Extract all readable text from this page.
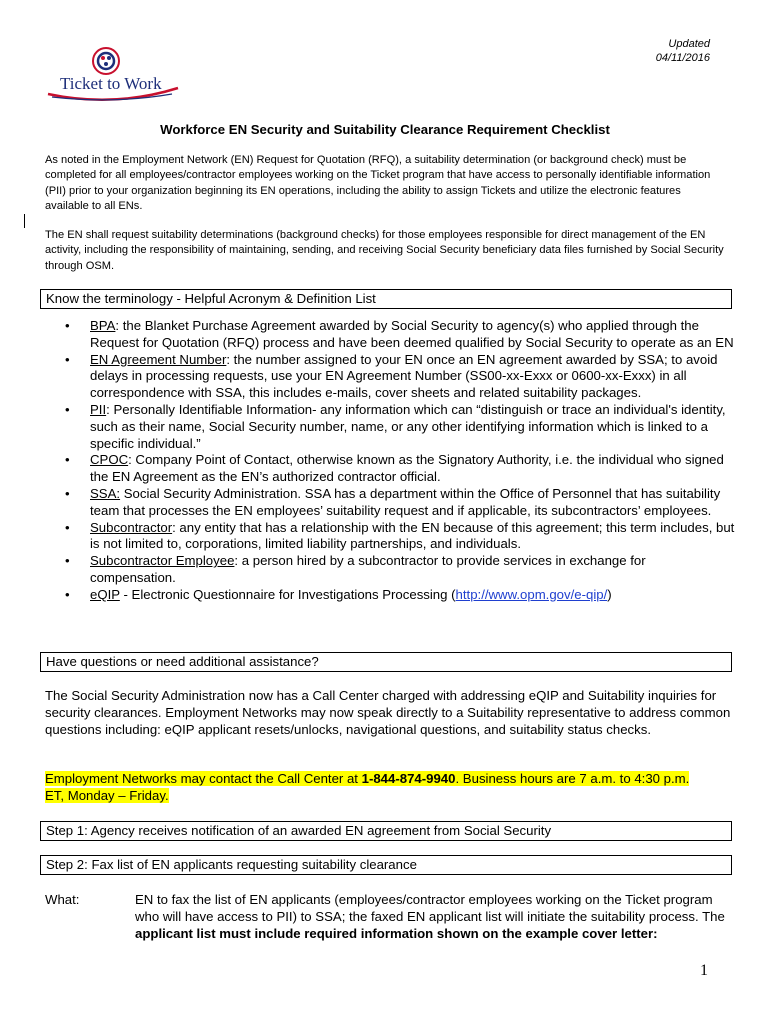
Updated
04/11/2016
Ticket to Work
Workforce EN Security and Suitability Clearance Requirement Checklist
As noted in the Employment Network (EN) Request for Quotation (RFQ), a suitability determination (or background check) must be completed for all employees/contractor employees working on the Ticket program that have access to personally identifiable information (PII) prior to your organization beginning its EN operations, including the ability to assign Tickets and utilize the electronic features available to all ENs.
The EN shall request suitability determinations (background checks) for those employees responsible for direct management of the EN activity, including the responsibility of maintaining, sending, and receiving Social Security beneficiary data files furnished by Social Security through OSM.
Know the terminology - Helpful Acronym & Definition List
• BPA: the Blanket Purchase Agreement awarded by Social Security to agency(s) who applied through the Request for Quotation (RFQ) process and have been deemed qualified by Social Security to operate as an EN
• EN Agreement Number: the number assigned to your EN once an EN agreement awarded by SSA; to avoid delays in processing requests, use your EN Agreement Number (SS00-xx-Exxx or 0600-xx-Exxx) in all correspondence with SSA, this includes e-mails, cover sheets and related suitability packages.
• PII: Personally Identifiable Information- any information which can “distinguish or trace an individual's identity, such as their name, Social Security number, name, or any other identifying information which is linked to a specific individual.”
• CPOC: Company Point of Contact, otherwise known as the Signatory Authority, i.e. the individual who signed the EN Agreement as the EN’s authorized contractor official.
• SSA: Social Security Administration. SSA has a department within the Office of Personnel that has suitability team that processes the EN employees’ suitability request and if applicable, its subcontractors’ employees.
• Subcontractor: any entity that has a relationship with the EN because of this agreement; this term includes, but is not limited to, corporations, limited liability partnerships, and individuals.
• Subcontractor Employee: a person hired by a subcontractor to provide services in exchange for compensation.
• eQIP - Electronic Questionnaire for Investigations Processing (http://www.opm.gov/e-qip/)
Have questions or need additional assistance?
The Social Security Administration now has a Call Center charged with addressing eQIP and Suitability inquiries for security clearances. Employment Networks may now speak directly to a Suitability representative to address common questions including: eQIP applicant resets/unlocks, navigational questions, and suitability status checks.
Employment Networks may contact the Call Center at 1-844-874-9940. Business hours are 7 a.m. to 4:30 p.m.
ET, Monday – Friday.
Step 1: Agency receives notification of an awarded EN agreement from Social Security
Step 2: Fax list of EN applicants requesting suitability clearance
What:	EN to fax the list of EN applicants (employees/contractor employees working on the Ticket program who will have access to PII) to SSA; the faxed EN applicant list will initiate the suitability process. The applicant list must include required information shown on the example cover letter:
1
